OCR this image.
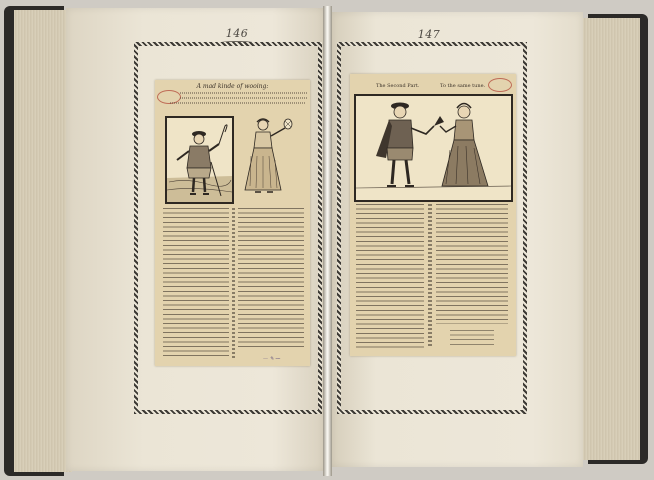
146	147
A mad kinde of wooing:
— ✎ ⁓
The Second Part.	To the same tune.
